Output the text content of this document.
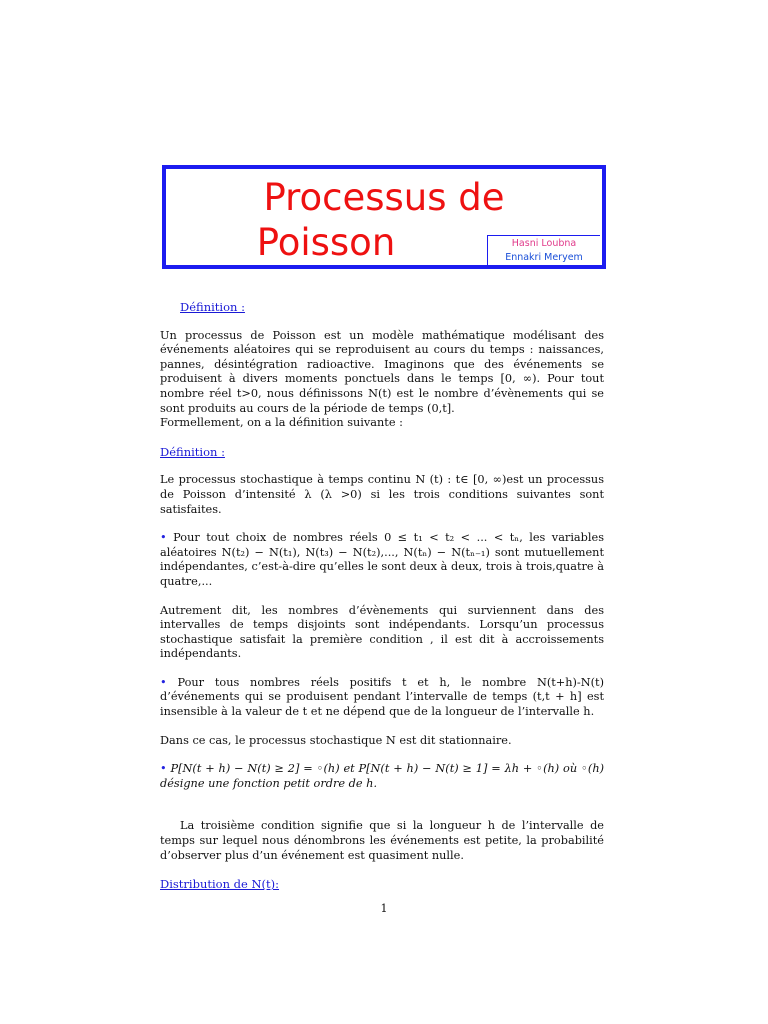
Processus de
Poisson	Hasni Loubna
Ennakri Meryem

Définition :

Un processus de Poisson est un modèle mathématique modélisant des événements aléatoires qui se reproduisent au cours du temps : naissances, pannes, désintégration radioactive. Imaginons que des événements se produisent à divers moments ponctuels dans le temps [0, ∞). Pour tout nombre réel t>0, nous définissons N(t) est le nombre d’évènements qui se sont produits au cours de la période de temps (0,t].

Formellement, on a la définition suivante :

Définition :

Le processus stochastique à temps continu N (t) : t∈ [0, ∞)est un processus de Poisson d’intensité λ (λ >0) si les trois conditions suivantes sont satisfaites.

• Pour tout choix de nombres réels 0 ≤ t₁ < t₂ < ... < tₙ, les variables aléatoires N(t₂) − N(t₁), N(t₃) − N(t₂),..., N(tₙ) − N(tₙ₋₁) sont mutuellement indépendantes, c’est-à-dire qu’elles le sont deux à deux, trois à trois,quatre à quatre,...

Autrement dit, les nombres d’évènements qui surviennent dans des intervalles de temps disjoints sont indépendants. Lorsqu’un processus stochastique satisfait la première condition , il est dit à accroissements indépendants.

• Pour tous nombres réels positifs t et h, le nombre N(t+h)-N(t) d’événements qui se produisent pendant l’intervalle de temps (t,t + h] est insensible à la valeur de t et ne dépend que de la longueur de l’intervalle h.

Dans ce cas, le processus stochastique N est dit stationnaire.

• P[N(t + h) − N(t) ≥ 2] = ◦(h) et P[N(t + h) − N(t) ≥ 1] = λh + ◦(h) où ◦(h) désigne une fonction petit ordre de h.

La troisième condition signifie que si la longueur h de l’intervalle de temps sur lequel nous dénombrons les événements est petite, la probabilité d’observer plus d’un événement est quasiment nulle.

Distribution de N(t):

1
